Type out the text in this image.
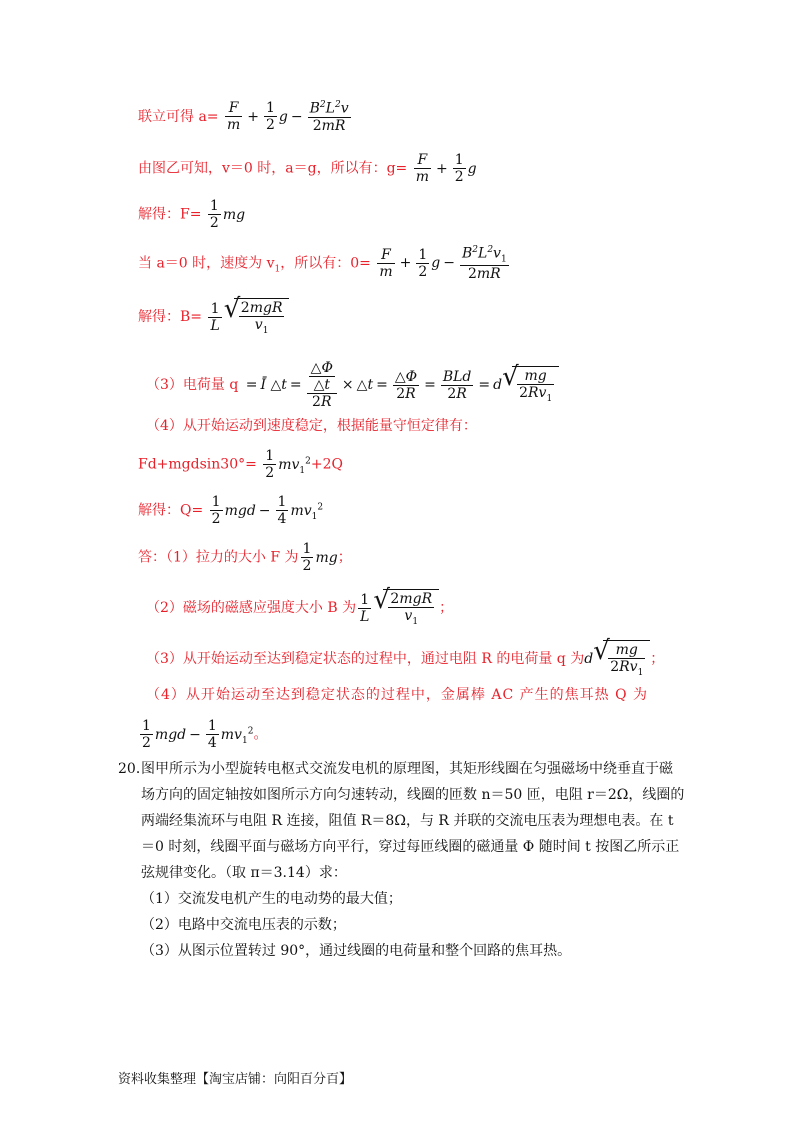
联立可得 $a= \frac{F}{m} + \frac{1}{2}$ $g - \frac{B^2L^2v}{2mR}$
由图乙可知，v＝0 时，a＝g，所以有：$g= \frac{F}{m} + \frac{1}{2}$ g
解得：$F= \frac{1}{2}$ mg
当 a＝0 时，速度为 $v_1$，所以有：$0= \frac{F}{m} + \frac{1}{2}$ $g - \frac{B^2L^2v_1}{2mR}$
解得：$B= \frac{1}{L}$ √
$\frac{\text{2mgR}}{v_1}$
（3）电荷量 q = Ī △t = $\frac{\frac{\triangle\Phi}{\triangle t}}{2R}$ × △t = $\frac{\triangle\Phi}{2R} = \frac{\text{BLd}}{2R} = d$ √
$\frac{mg}{2Rv_1}$
（4）从开始运动到速度稳定，根据能量守恒定律有：
$Fd+mgdsin30^\circ= \frac{1}{2} mv_1^2+2Q$
解得：$Q= \frac{1}{2}$ mgd − $\frac{1}{4} mv_1^2$
答：（1）拉力的大小 F 为 $\frac{1}{2}$ mg；
（2）磁场的磁感应强度大小 B 为 $\frac{1}{L}$ √
$\frac{\text{2mgR}}{v_1}$ ；
（3）从开始运动至达到稳定状态的过程中，通过电阻 R 的电荷量 q 为d √
$\frac{mg}{2Rv_1}$ ；
（4）从开始运动至达到稳定状态的过程中，金属棒 AC 产生的焦耳热 Q 为
$\frac{1}{2}$ mgd − $\frac{1}{4} mv_1^2$。
20．
图甲所示为小型旋转电枢式交流发电机的原理图，其矩形线圈在匀强磁场中绕垂直于磁场方向的固定轴按如图所示方向匀速转动，线圈的匝数 n＝50 匝，电阻 r＝2Ω，线圈的两端经集流环与电阻 R 连接，阻值 R＝8Ω，与 R 并联的交流电压表为理想电表。在 t＝0 时刻，线圈平面与磁场方向平行，穿过每匝线圈的磁通量 Φ 随时间 t 按图乙所示正弦规律变化。（取 π＝3.14）求：
（1）交流发电机产生的电动势的最大值；
（2）电路中交流电压表的示数；
（3）从图示位置转过 90°，通过线圈的电荷量和整个回路的焦耳热。
资料收集整理【淘宝店铺：向阳百分百】
